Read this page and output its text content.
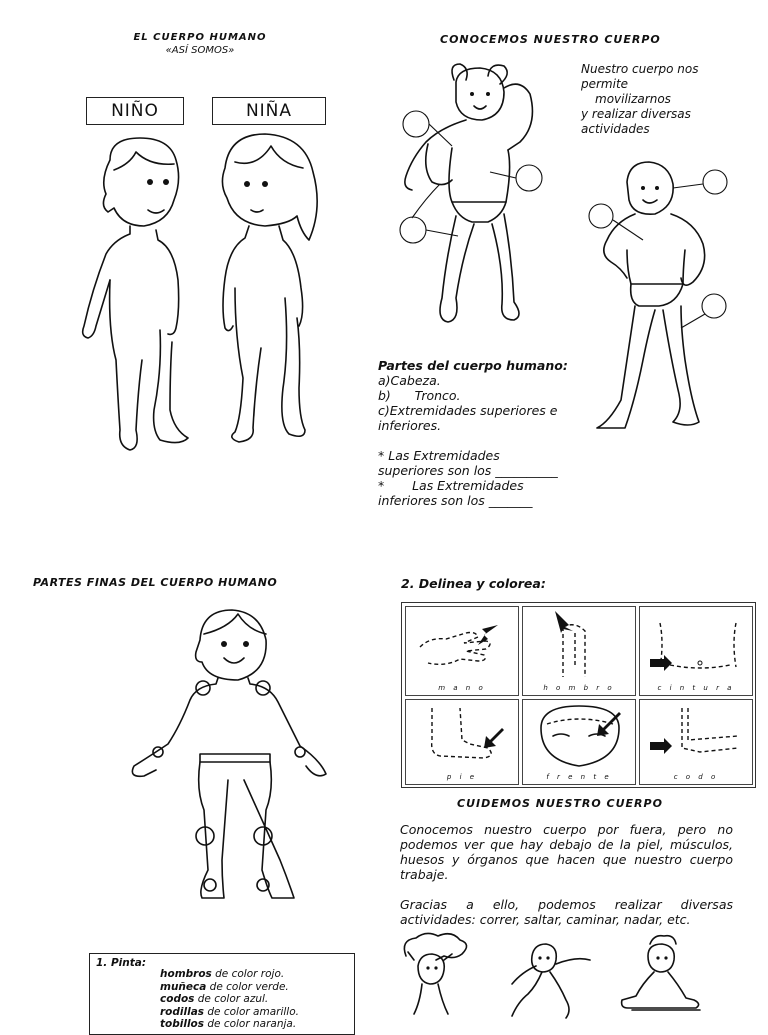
EL CUERPO HUMANO
«ASÍ SOMOS»
NIÑO	NIÑA
CONOCEMOS NUESTRO CUERPO
Nuestro cuerpo nos
permite
movilizarnos
y realizar diversas
actividades
Partes del cuerpo humano:
a)Cabeza.
b)      Tronco.
c)Extremidades superiores e
inferiores.
* Las Extremidades
superiores son los __________
*       Las Extremidades
inferiores son los _______
PARTES FINAS DEL CUERPO HUMANO
1. Pinta:
hombros de color rojo.
muñeca de color verde.
codos de color azul.
rodillas de color amarillo.
tobillos de color naranja.
2. Delinea y colorea:
m a n o	h o m b r o	c i n t u r a
p i e	f r e n t e	c o d o
CUIDEMOS NUESTRO CUERPO
Conocemos nuestro cuerpo por fuera, pero no podemos ver que hay debajo de la piel, músculos, huesos y órganos que hacen que nuestro cuerpo trabaje.
Gracias a ello, podemos realizar diversas actividades: correr, saltar, caminar, nadar, etc.
